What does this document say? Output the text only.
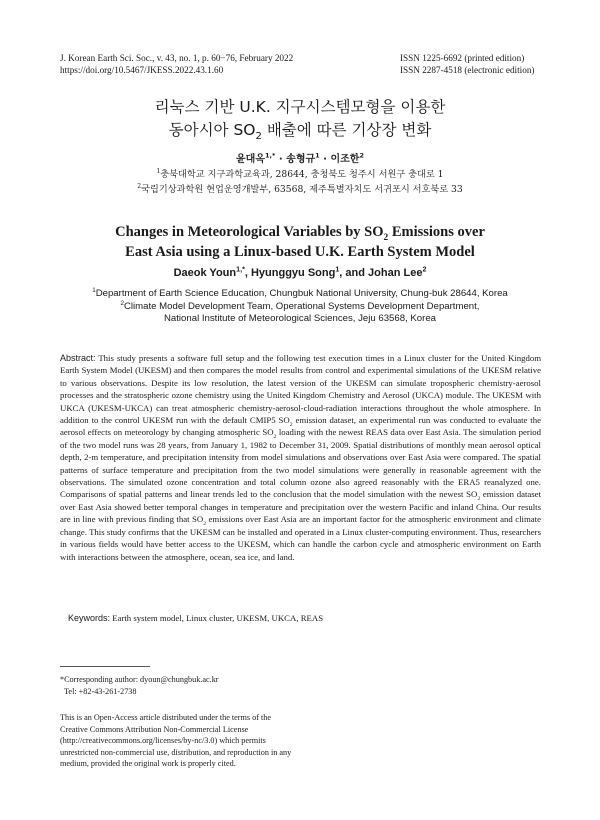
J. Korean Earth Sci. Soc., v. 43, no. 1, p. 60−76, February 2022
https://doi.org/10.5467/JKESS.2022.43.1.60
ISSN 1225-6692 (printed edition)
ISSN 2287-4518 (electronic edition)
리눅스 기반 U.K. 지구시스템모형을 이용한
동아시아 $SO_2$ 배출에 따른 기상장 변화
윤대옥$^{1,*}$ · 송형규$^1$ · 이조한$^2$
$^1$충북대학교 지구과학교육과, 28644, 충청북도 청주시 서원구 충대로 1
$^2$국립기상과학원 현업운영개발부, 63568, 제주특별자치도 서귀포시 서호북로 33
Changes in Meteorological Variables by $SO_2$ Emissions over
East Asia using a Linux-based U.K. Earth System Model
Daeok Youn$^{1,*}$, Hyunggyu Song$^1$, and Johan Lee$^2$
$^1$Department of Earth Science Education, Chungbuk National University, Chung-buk 28644, Korea
$^2$Climate Model Development Team, Operational Systems Development Department,
National Institute of Meteorological Sciences, Jeju 63568, Korea
Abstract: This study presents a software full setup and the following test execution times in a Linux cluster for the United Kingdom Earth System Model (UKESM) and then compares the model results from control and experimental simulations of the UKESM relative to various observations. Despite its low resolution, the latest version of the UKESM can simulate tropospheric chemistry-aerosol processes and the stratospheric ozone chemistry using the United Kingdom Chemistry and Aerosol (UKCA) module. The UKESM with UKCA (UKESM-UKCA) can treat atmospheric chemistry-aerosol-cloud-radiation interactions throughout the whole atmosphere. In addition to the control UKESM run with the default CMIP5 $SO_2$ emission dataset, an experimental run was conducted to evaluate the aerosol effects on meteorology by changing atmospheric $SO_2$ loading with the newest REAS data over East Asia. The simulation period of the two model runs was 28 years, from January 1, 1982 to December 31, 2009. Spatial distributions of monthly mean aerosol optical depth, 2-m temperature, and precipitation intensity from model simulations and observations over East Asia were compared. The spatial patterns of surface temperature and precipitation from the two model simulations were generally in reasonable agreement with the observations. The simulated ozone concentration and total column ozone also agreed reasonably with the ERA5 reanalyzed one. Comparisons of spatial patterns and linear trends led to the conclusion that the model simulation with the newest $SO_2$ emission dataset over East Asia showed better temporal changes in temperature and precipitation over the western Pacific and inland China. Our results are in line with previous finding that $SO_2$ emissions over East Asia are an important factor for the atmospheric environment and climate change. This study confirms that the UKESM can be installed and operated in a Linux cluster-computing environment. Thus, researchers in various fields would have better access to the UKESM, which can handle the carbon cycle and atmospheric environment on Earth with interactions between the atmosphere, ocean, sea ice, and land.
Keywords: Earth system model, Linux cluster, UKESM, UKCA, REAS
*Corresponding author: dyoun@chungbuk.ac.kr
Tel: +82-43-261-2738
This is an Open-Access article distributed under the terms of the Creative Commons Attribution Non-Commercial License (http://creativecommons.org/licenses/by-nc/3.0) which permits unrestricted non-commercial use, distribution, and reproduction in any medium, provided the original work is properly cited.
